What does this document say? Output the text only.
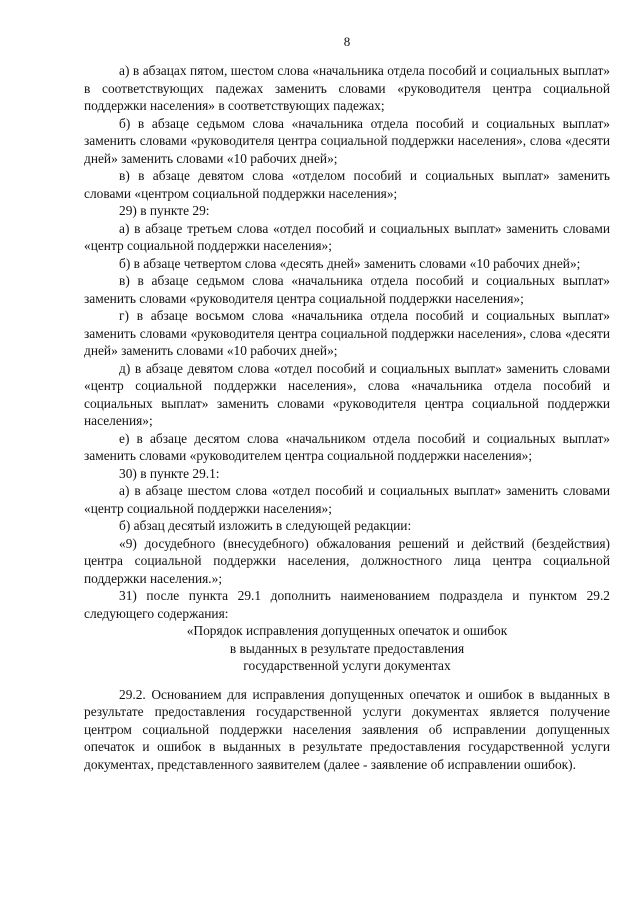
8

а) в абзацах пятом, шестом слова «начальника отдела пособий и социальных выплат» в соответствующих падежах заменить словами «руководителя центра социальной поддержки населения» в соответствующих падежах;

б) в абзаце седьмом слова «начальника отдела пособий и социальных выплат» заменить словами «руководителя центра социальной поддержки населения», слова «десяти дней» заменить словами «10 рабочих дней»;

в) в абзаце девятом слова «отделом пособий и социальных выплат» заменить словами «центром социальной поддержки населения»;

29) в пункте 29:

а) в абзаце третьем слова «отдел пособий и социальных выплат» заменить словами «центр социальной поддержки населения»;

б) в абзаце четвертом слова «десять дней» заменить словами «10 рабочих дней»;

в) в абзаце седьмом слова «начальника отдела пособий и социальных выплат» заменить словами «руководителя центра социальной поддержки населения»;

г) в абзаце восьмом слова «начальника отдела пособий и социальных выплат» заменить словами «руководителя центра социальной поддержки населения», слова «десяти дней» заменить словами «10 рабочих дней»;

д) в абзаце девятом слова «отдел пособий и социальных выплат» заменить словами «центр социальной поддержки населения», слова «начальника отдела пособий и социальных выплат» заменить словами «руководителя центра социальной поддержки населения»;

е) в абзаце десятом слова «начальником отдела пособий и социальных выплат» заменить словами «руководителем центра социальной поддержки населения»;

30) в пункте 29.1:

а) в абзаце шестом слова «отдел пособий и социальных выплат» заменить словами «центр социальной поддержки населения»;

б) абзац десятый изложить в следующей редакции:

«9) досудебного (внесудебного) обжалования решений и действий (бездействия) центра социальной поддержки населения, должностного лица центра социальной поддержки населения.»;

31) после пункта 29.1 дополнить наименованием подраздела и пунктом 29.2 следующего содержания:

«Порядок исправления допущенных опечаток и ошибок

в выданных в результате предоставления

государственной услуги документах

29.2. Основанием для исправления допущенных опечаток и ошибок в выданных в результате предоставления государственной услуги документах является получение центром социальной поддержки населения заявления об исправлении допущенных опечаток и ошибок в выданных в результате предоставления государственной услуги документах, представленного заявителем (далее - заявление об исправлении ошибок).
